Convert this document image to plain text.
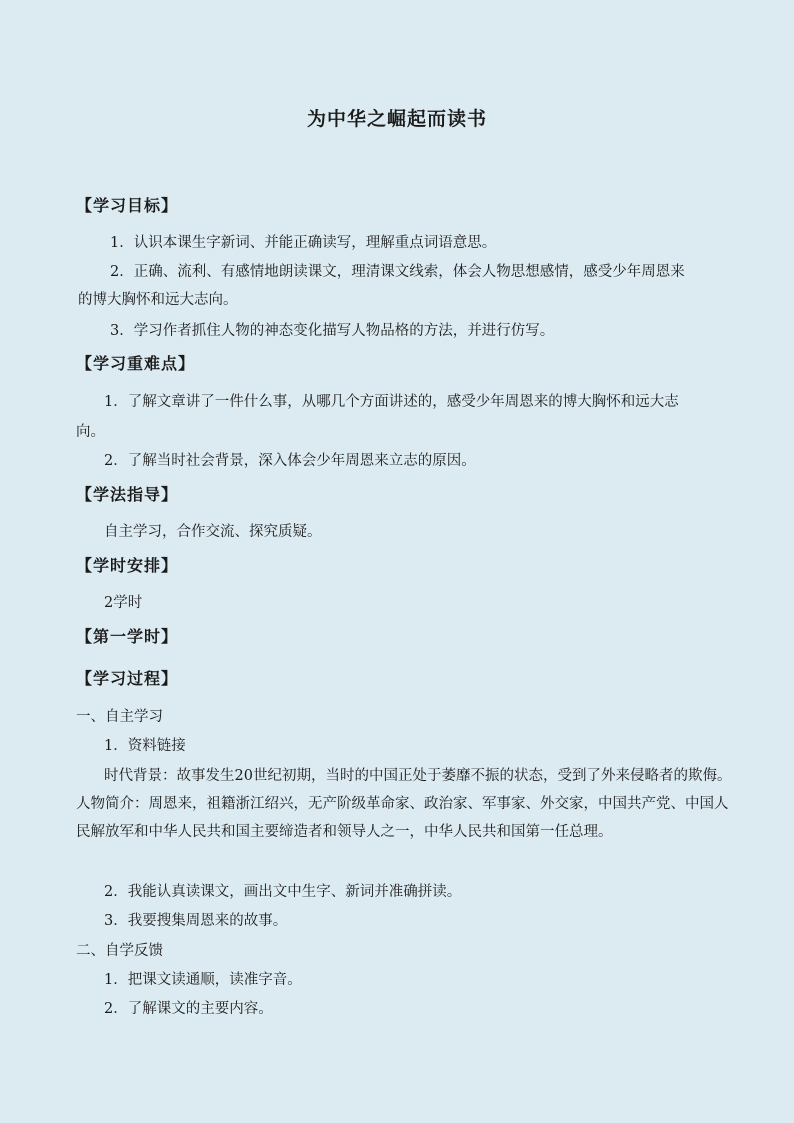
为中华之崛起而读书
【学习目标】
1．认识本课生字新词、并能正确读写，理解重点词语意思。
2．正确、流利、有感情地朗读课文，理清课文线索，体会人物思想感情，感受少年周恩来
的博大胸怀和远大志向。
3．学习作者抓住人物的神态变化描写人物品格的方法，并进行仿写。
【学习重难点】
1．了解文章讲了一件什么事，从哪几个方面讲述的，感受少年周恩来的博大胸怀和远大志
向。
2．了解当时社会背景，深入体会少年周恩来立志的原因。
【学法指导】
自主学习，合作交流、探究质疑。
【学时安排】
2学时
【第一学时】
【学习过程】
一、自主学习
1．资料链接
时代背景：故事发生20世纪初期，当时的中国正处于萎靡不振的状态，受到了外来侵略者的欺侮。人物简介：周恩来，祖籍浙江绍兴，无产阶级革命家、政治家、军事家、外交家，中国共产党、中国人民解放军和中华人民共和国主要缔造者和领导人之一，中华人民共和国第一任总理。
2．我能认真读课文，画出文中生字、新词并准确拼读。
3．我要搜集周恩来的故事。
二、自学反馈
1．把课文读通顺，读准字音。
2．了解课文的主要内容。
